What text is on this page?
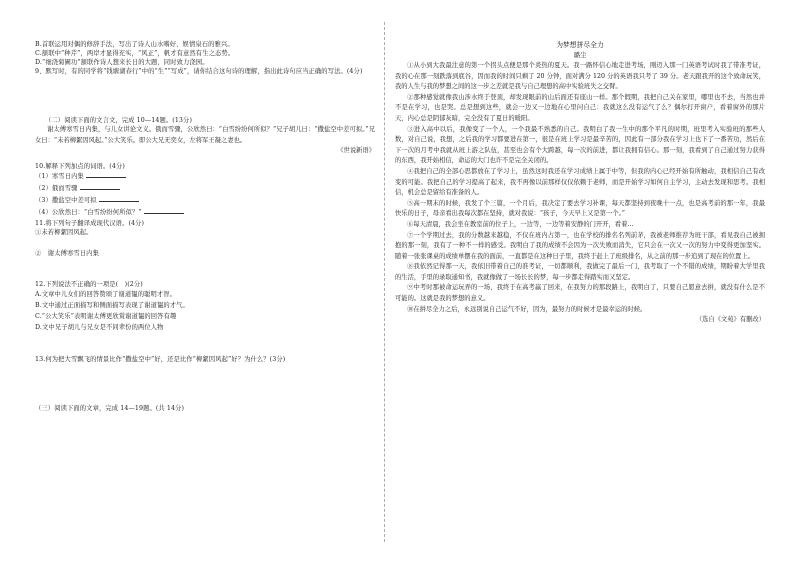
B.首联运用对偶的修辞手法，写出了诗人山水嗜好、娱情泉石的雅兴。
C.颔联中“种芹”，两岸才显得充实，“风正”，帆才有意然有生之态势。
D.“细浇菊圃功”颔联作诗人想来长日的大题，同时致力浇园。
9、默写时，有的同学将“钱塘湖春行”中的“生”“写成”，请你结合这句诗的理解，指出此诗句应当正确的写法。(4分)
（二）阅读下面的文言文，完成 10—14题。(13分)
谢太傅寒雪日内集，与儿女讲论文义。俄而雪骤，公欣然曰：“白雪纷纷何所似？”兄子胡儿曰：“撒盐空中差可拟。”兄女曰：“未若柳絮因风起。”公大笑乐。即公大兄无奕女，左将军王凝之妻也。
《世说新语》
10.解释下列加点的词语。(4分)
（1）寒雪日内集
（2）俄而雪骤
（3）撒盐空中差可拟
（4）公欣然曰：“白雪纷纷何所似？”
11.将下列句子翻译成现代汉语。(4分)
①未若柳絮因风起。
②　谢太傅寒雪日内集
12.下列说法不正确的一项是(　)(2分)
A.文章中儿女们的回答赞颂了谢道韫的聪明才智。
B.文中通过正面描写和侧面描写表现了谢道韫的才气。
C.“公大笑乐”表明谢太傅更欣赏谢道韫的回答有趣
D.文中兄子胡儿与兄女是不同辈份的两位人物
13.何为把大雪飘飞的情景比作“撒盐空中”好，还是比作“柳絮因风起”好？为什么？(3分)
（三）阅读下面的文章，完成 14—19题。(共 14分)
为梦想拼尽全力
璐尘
①从小到大我最注意的第一个拐头点便是那个炎热的夏天。我一路怀信心地走进考场，刚迈入那一门英语考试时我了带准考证，我的心在那一刻跌落到底谷，因而我的时间只剩了 20 分钟，面对满分 120 分的英语我只考了 39 分。老天跟我开的这个致命玩笑，我的人生与我的梦想之间的这一步之差就是我与自己理想的高中实验班失之交臂。
②那种感觉就像我山涉水终于登顶，却发现眼前的山后面还有座山一样。那个假期，我把自己关在家里，哪里也不去，当然也并不是在学习，也是哭。总是想到这些，就会一边又一边地在心里问自己：我就这么没有运气了么？偶尔打开窗户，看着窗外的那片天，内心总是阴郁灰暗，完全没有了夏日的暖阳。
③进入高中以后，我像变了一个人，一个我最不熟悉的自己。我明白了我一生中的那个平凡的时期，班里考入实验班的那些人数，对自己说，我想，之后我的学习都要进在第一，很是在班上学习是最辛苦的，因此有一部分我在学习上也下了一番苦功，然后在下一次的月考中我就从班上游之队伍，甚至也会有个大跨越，每一次的前进，都让我拥有信心。那一刻，我看到了自己通过努力获得的东西，我开始相信，命运的大门也许不是完全关闭的。
④我把自己的全部心思都放在了学习上，虽然这时我还在学习成绩上属于中等，但我的内心已经开始有所触动，我相信自己有改变的可能。我把自己的学习提高了起来，我不再像以前那样仅仅依赖于老师，而是开始学习如何自主学习，主动去发现和思考。我相信，机会总是留给有准备的人。
⑤高一期末的时候，我发了个三篇，一个月后，我决定了要去学习补课，每天都坚持到夜晚十一点，也是高考前的那一年，我最快乐的日子，母亲看出我每次都在坚持，就对我说：“孩子，今天早上又是第一个。”
⑥每天清晨，我会坐在教室前的位子上，一边等，一边等着安静的门开开，看着...
⑦一个学期过去，我的分数越来越稳，不仅在班内占第一，也在学校的排名名列前茅，我被老师推荐为班干部，看见我自己被拥抱的那一刻，我有了一种不一样的感受。我明白了我的成绩不会因为一次失败而消失，它只会在一次又一次的努力中变得更加坚实。随着一张张课桌的成绩单摆在我的面前，一直都是在这种日子里，我终于赶上了班级排名，从之前的那一步追到了现在的位置上。
⑧我依然记得那一天，我依旧带着自己的准考证，一切都顺利，我做完了最后一门，我考取了一个不错的成绩，期盼着大学里我的生活，手里的录取通知书，我就像做了一场长长的梦，每一步都走得踏实而又坚定。
⑨中考时那被命运玩弄的一场，我终于在高考赢了回来，在我努力的那段路上，我明白了，只要自己愿意去拼，就没有什么是不可能的。这就是我的梦想的意义。
⑩在拼尽全力之后，永远别说自己运气不好，因为，最努力的时候才是最幸运的时候。
（选自《文苑》有删改）
